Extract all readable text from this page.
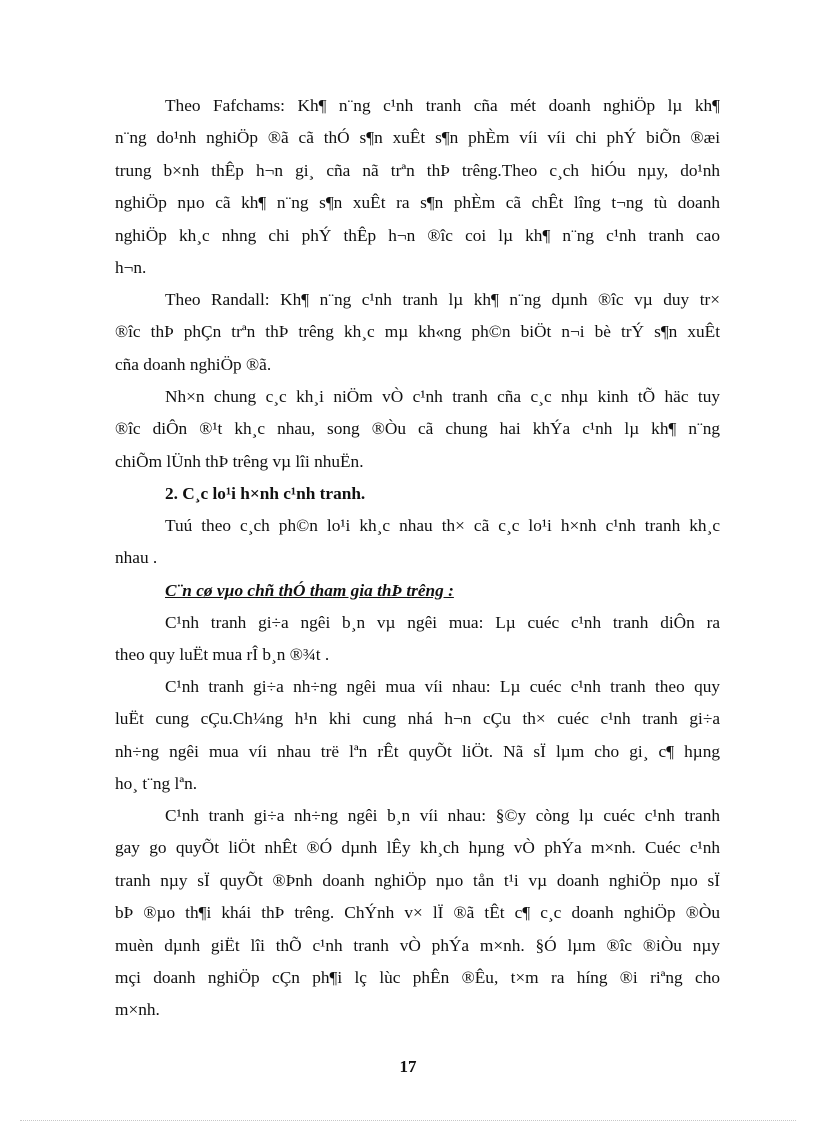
Theo Fafchams: Kh¶ n¨ng c¹nh tranh cña mét doanh nghiÖp lµ kh¶
n¨ng do¹nh nghiÖp ®ã cã thÓ s¶n xuÊt s¶n phÈm víi víi chi phÝ biÕn ®æi
trung b×nh thÊp h¬n gi¸ cña nã trªn thÞ trêng.Theo c¸ch hiÓu nµy, do¹nh
nghiÖp nµo cã kh¶ n¨ng s¶n xuÊt ra s¶n phÈm cã chÊt lîng t¬ng tù doanh
nghiÖp kh¸c nhng chi phÝ thÊp h¬n ®îc coi lµ kh¶ n¨ng c¹nh tranh cao
h¬n.
Theo Randall: Kh¶ n¨ng c¹nh tranh lµ kh¶ n¨ng dµnh ®îc vµ duy tr×
®îc thÞ phÇn trªn thÞ trêng kh¸c mµ kh«ng ph©n biÖt n¬i bè trÝ s¶n xuÊt
cña doanh nghiÖp ®ã.
Nh×n chung c¸c kh¸i niÖm vÒ c¹nh tranh cña c¸c nhµ kinh tÕ häc tuy
®îc diÔn ®¹t kh¸c nhau, song ®Òu cã chung hai khÝa c¹nh lµ kh¶ n¨ng
chiÕm lÜnh thÞ trêng vµ lîi nhuËn.
2. C¸c lo¹i h×nh c¹nh tranh.
Tuú theo c¸ch ph©n lo¹i kh¸c nhau th× cã c¸c lo¹i h×nh c¹nh tranh kh¸c
nhau .
C¨n cø vµo chñ thÓ tham gia thÞ trêng :
C¹nh tranh gi÷a ngêi b¸n vµ ngêi mua: Lµ cuéc c¹nh tranh diÔn ra
theo quy luËt mua rÎ b¸n ®¾t .
C¹nh tranh gi÷a nh÷ng ngêi mua víi nhau: Lµ cuéc c¹nh tranh theo quy
luËt cung cÇu.Ch¼ng h¹n khi cung nhá h¬n cÇu th× cuéc c¹nh tranh gi÷a
nh÷ng ngêi mua víi nhau trë lªn rÊt quyÕt liÖt. Nã sÏ lµm cho gi¸ c¶ hµng
ho¸ t¨ng lªn.
C¹nh tranh gi÷a nh÷ng ngêi b¸n víi nhau: §©y còng lµ cuéc c¹nh tranh
gay go quyÕt liÖt nhÊt ®Ó dµnh lÊy kh¸ch hµng vÒ phÝa m×nh. Cuéc c¹nh
tranh nµy sÏ quyÕt ®Þnh doanh nghiÖp nµo tån t¹i vµ doanh nghiÖp nµo sÏ
bÞ ®µo th¶i khái thÞ trêng. ChÝnh v× lÏ ®ã tÊt c¶ c¸c doanh nghiÖp ®Òu
muèn dµnh giËt lîi thÕ c¹nh tranh vÒ phÝa m×nh. §Ó lµm ®îc ®iÒu nµy
mçi doanh nghiÖp cÇn ph¶i lç lùc phÊn ®Êu, t×m ra híng ®i riªng cho
m×nh.
17
